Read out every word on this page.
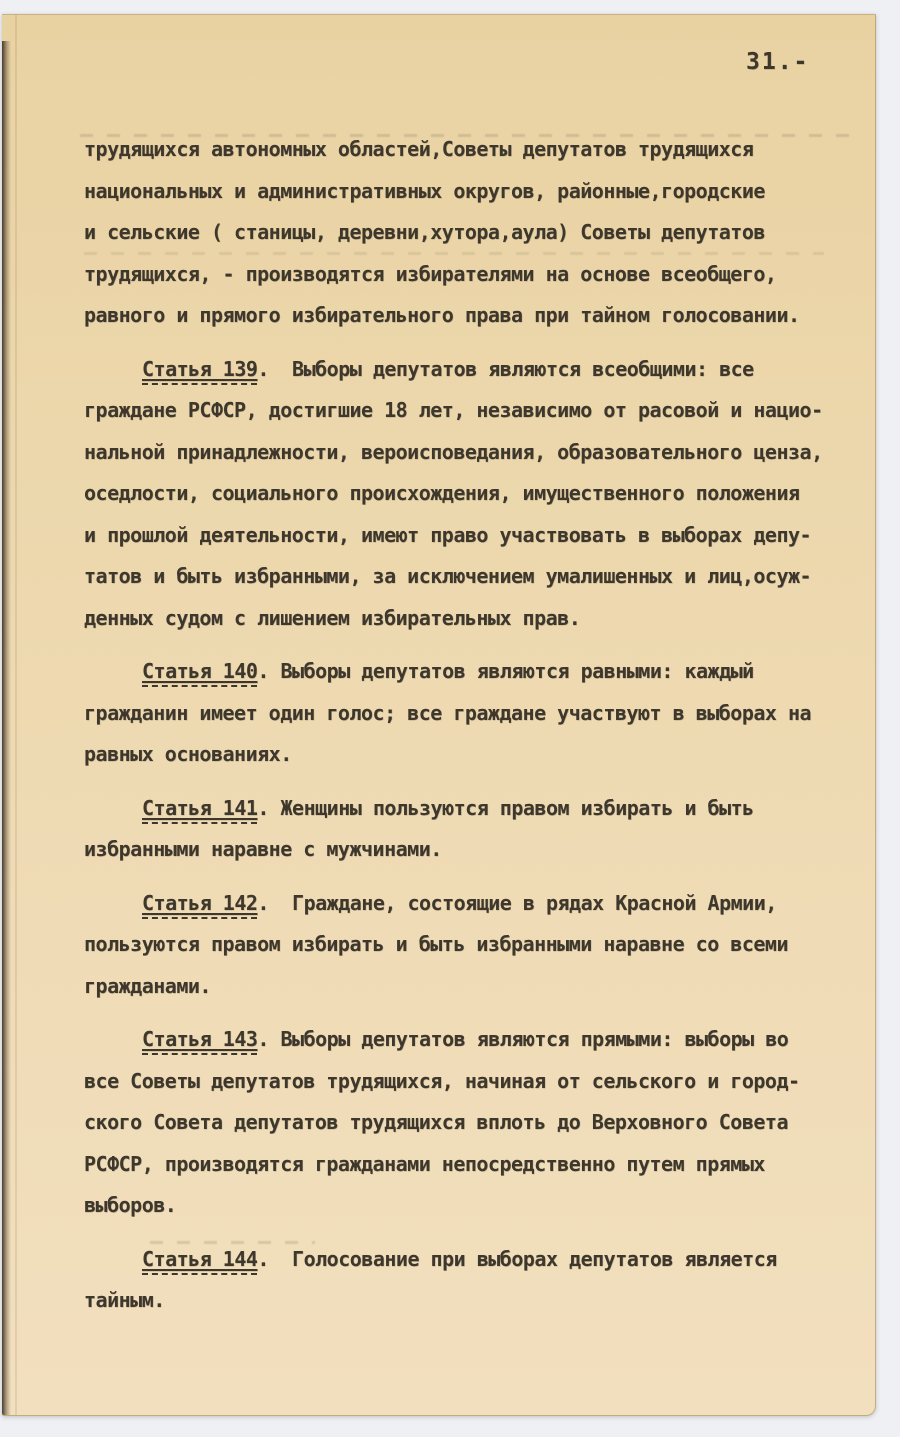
31.-
трудящихся автономных областей,Советы депутатов трудящихся
национальных и административных округов, районные,городские
и сельские ( станицы, деревни,хутора,аула) Советы депутатов
трудящихся, - производятся избирателями на основе всеобщего,
равного и прямого избирательного права при тайном голосовании.
Статья 139.  Выборы депутатов являются всеобщими: все
граждане РСФСР, достигшие 18 лет, независимо от расовой и нацио-
нальной принадлежности, вероисповедания, образовательного ценза,
оседлости, социального происхождения, имущественного положения
и прошлой деятельности, имеют право участвовать в выборах депу-
татов и быть избранными, за исключением умалишенных и лиц,осуж-
денных судом с лишением избирательных прав.
Статья 140. Выборы депутатов являются равными: каждый
гражданин имеет один голос; все граждане участвуют в выборах на
равных основаниях.
Статья 141. Женщины пользуются правом избирать и быть
избранными наравне с мужчинами.
Статья 142.  Граждане, состоящие в рядах Красной Армии,
пользуются правом избирать и быть избранными наравне со всеми
гражданами.
Статья 143. Выборы депутатов являются прямыми: выборы во
все Советы депутатов трудящихся, начиная от сельского и город-
ского Совета депутатов трудящихся вплоть до Верховного Совета
РСФСР, производятся гражданами непосредственно путем прямых
выборов.
Статья 144.  Голосование при выборах депутатов является
тайным.
